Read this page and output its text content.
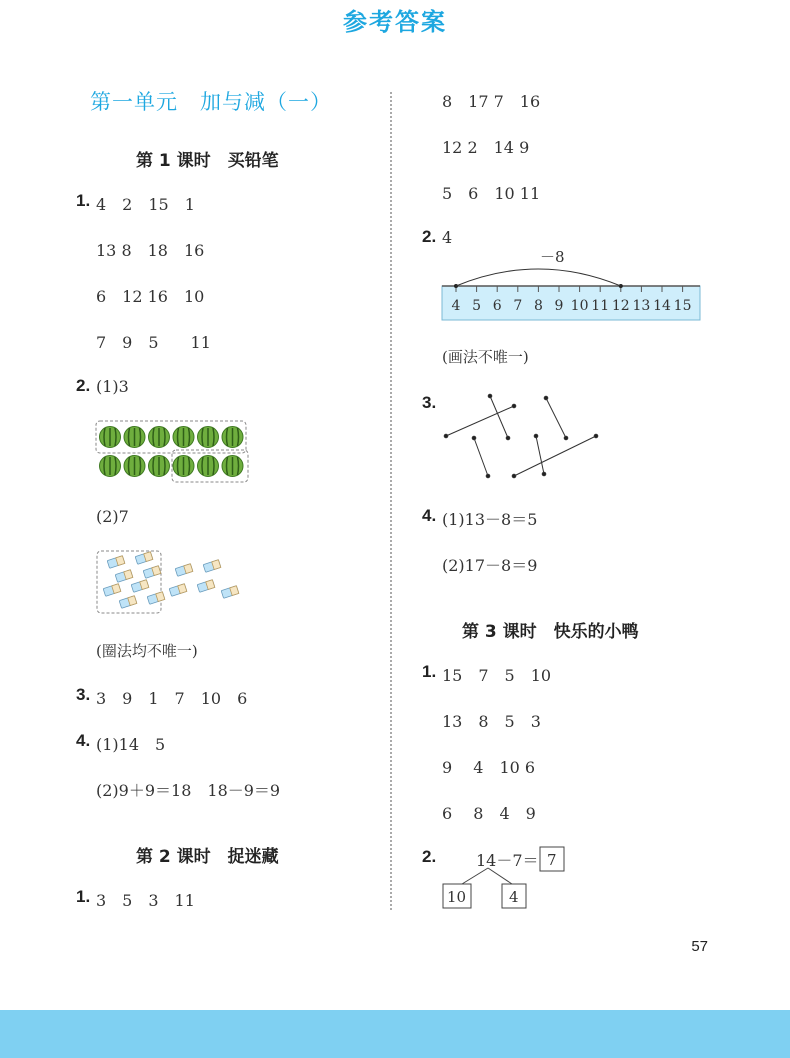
参考答案
第一单元　加与减（一）
第 1 课时　买铅笔
1. 4　2　15　1
13 8　18　16
6　12 16　10
7　9　5　　11
2. (1)3
(2)7
(圈法均不唯一)
3. 3　9　1　7　10　6
4. (1)14　5
(2)9＋9＝18　18－9＝9
第 2 课时　捉迷藏
1. 3　5　3　11
8　17 7　16
12 2　14 9
5　6　10 11
2. 4
4 5 6 7 8 9 10 11 12 13 14 15
－8
(画法不唯一)
3.
4. (1)13－8＝5
(2)17－8＝9
第 3 课时　快乐的小鸭
1. 15　7　5　10
13　8　5　3
9　 4　10 6
6　 8　4　9
2. 14－7＝ 7
10	4
57
